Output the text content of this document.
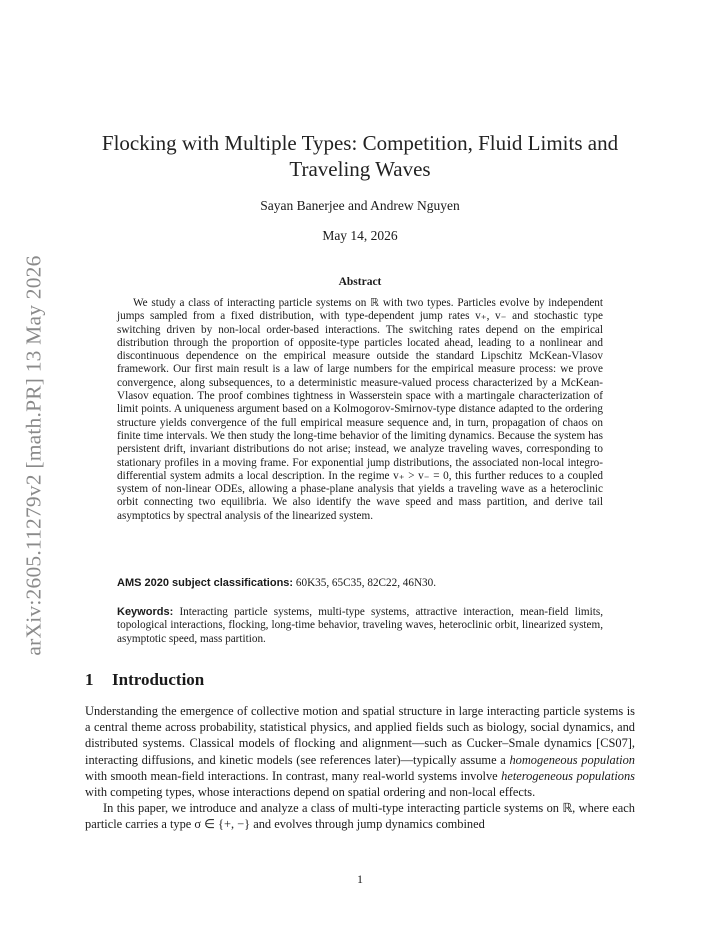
arXiv:2605.11279v2 [math.PR] 13 May 2026
Flocking with Multiple Types: Competition, Fluid Limits and
Traveling Waves
Sayan Banerjee and Andrew Nguyen
May 14, 2026
Abstract

We study a class of interacting particle systems on ℝ with two types. Particles evolve by independent jumps sampled from a fixed distribution, with type-dependent jump rates v₊, v₋ and stochastic type switching driven by non-local order-based interactions. The switching rates depend on the empirical distribution through the proportion of opposite-type particles located ahead, leading to a nonlinear and discontinuous dependence on the empirical measure outside the standard Lipschitz McKean-Vlasov framework. Our first main result is a law of large numbers for the empirical measure process: we prove convergence, along subsequences, to a deterministic measure-valued process characterized by a McKean-Vlasov equation. The proof combines tightness in Wasserstein space with a martingale characterization of limit points. A uniqueness argument based on a Kolmogorov-Smirnov-type distance adapted to the ordering structure yields convergence of the full empirical measure sequence and, in turn, propagation of chaos on finite time intervals. We then study the long-time behavior of the limiting dynamics. Because the system has persistent drift, invariant distributions do not arise; instead, we analyze traveling waves, corresponding to stationary profiles in a moving frame. For exponential jump distributions, the associated non-local integro-differential system admits a local description. In the regime v₊ > v₋ = 0, this further reduces to a coupled system of non-linear ODEs, allowing a phase-plane analysis that yields a traveling wave as a heteroclinic orbit connecting two equilibria. We also identify the wave speed and mass partition, and derive tail asymptotics by spectral analysis of the linearized system.

AMS 2020 subject classifications: 60K35, 65C35, 82C22, 46N30.
Keywords: Interacting particle systems, multi-type systems, attractive interaction, mean-field limits, topological interactions, flocking, long-time behavior, traveling waves, heteroclinic orbit, linearized system, asymptotic speed, mass partition.
1 Introduction

Understanding the emergence of collective motion and spatial structure in large interacting particle systems is a central theme across probability, statistical physics, and applied fields such as biology, social dynamics, and distributed systems. Classical models of flocking and alignment—such as Cucker–Smale dynamics [CS07], interacting diffusions, and kinetic models (see references later)—typically assume a homogeneous population with smooth mean-field interactions. In contrast, many real-world systems involve heterogeneous populations with competing types, whose interactions depend on spatial ordering and non-local effects.

In this paper, we introduce and analyze a class of multi-type interacting particle systems on ℝ, where each particle carries a type σ ∈ {+, −} and evolves through jump dynamics combined

1
